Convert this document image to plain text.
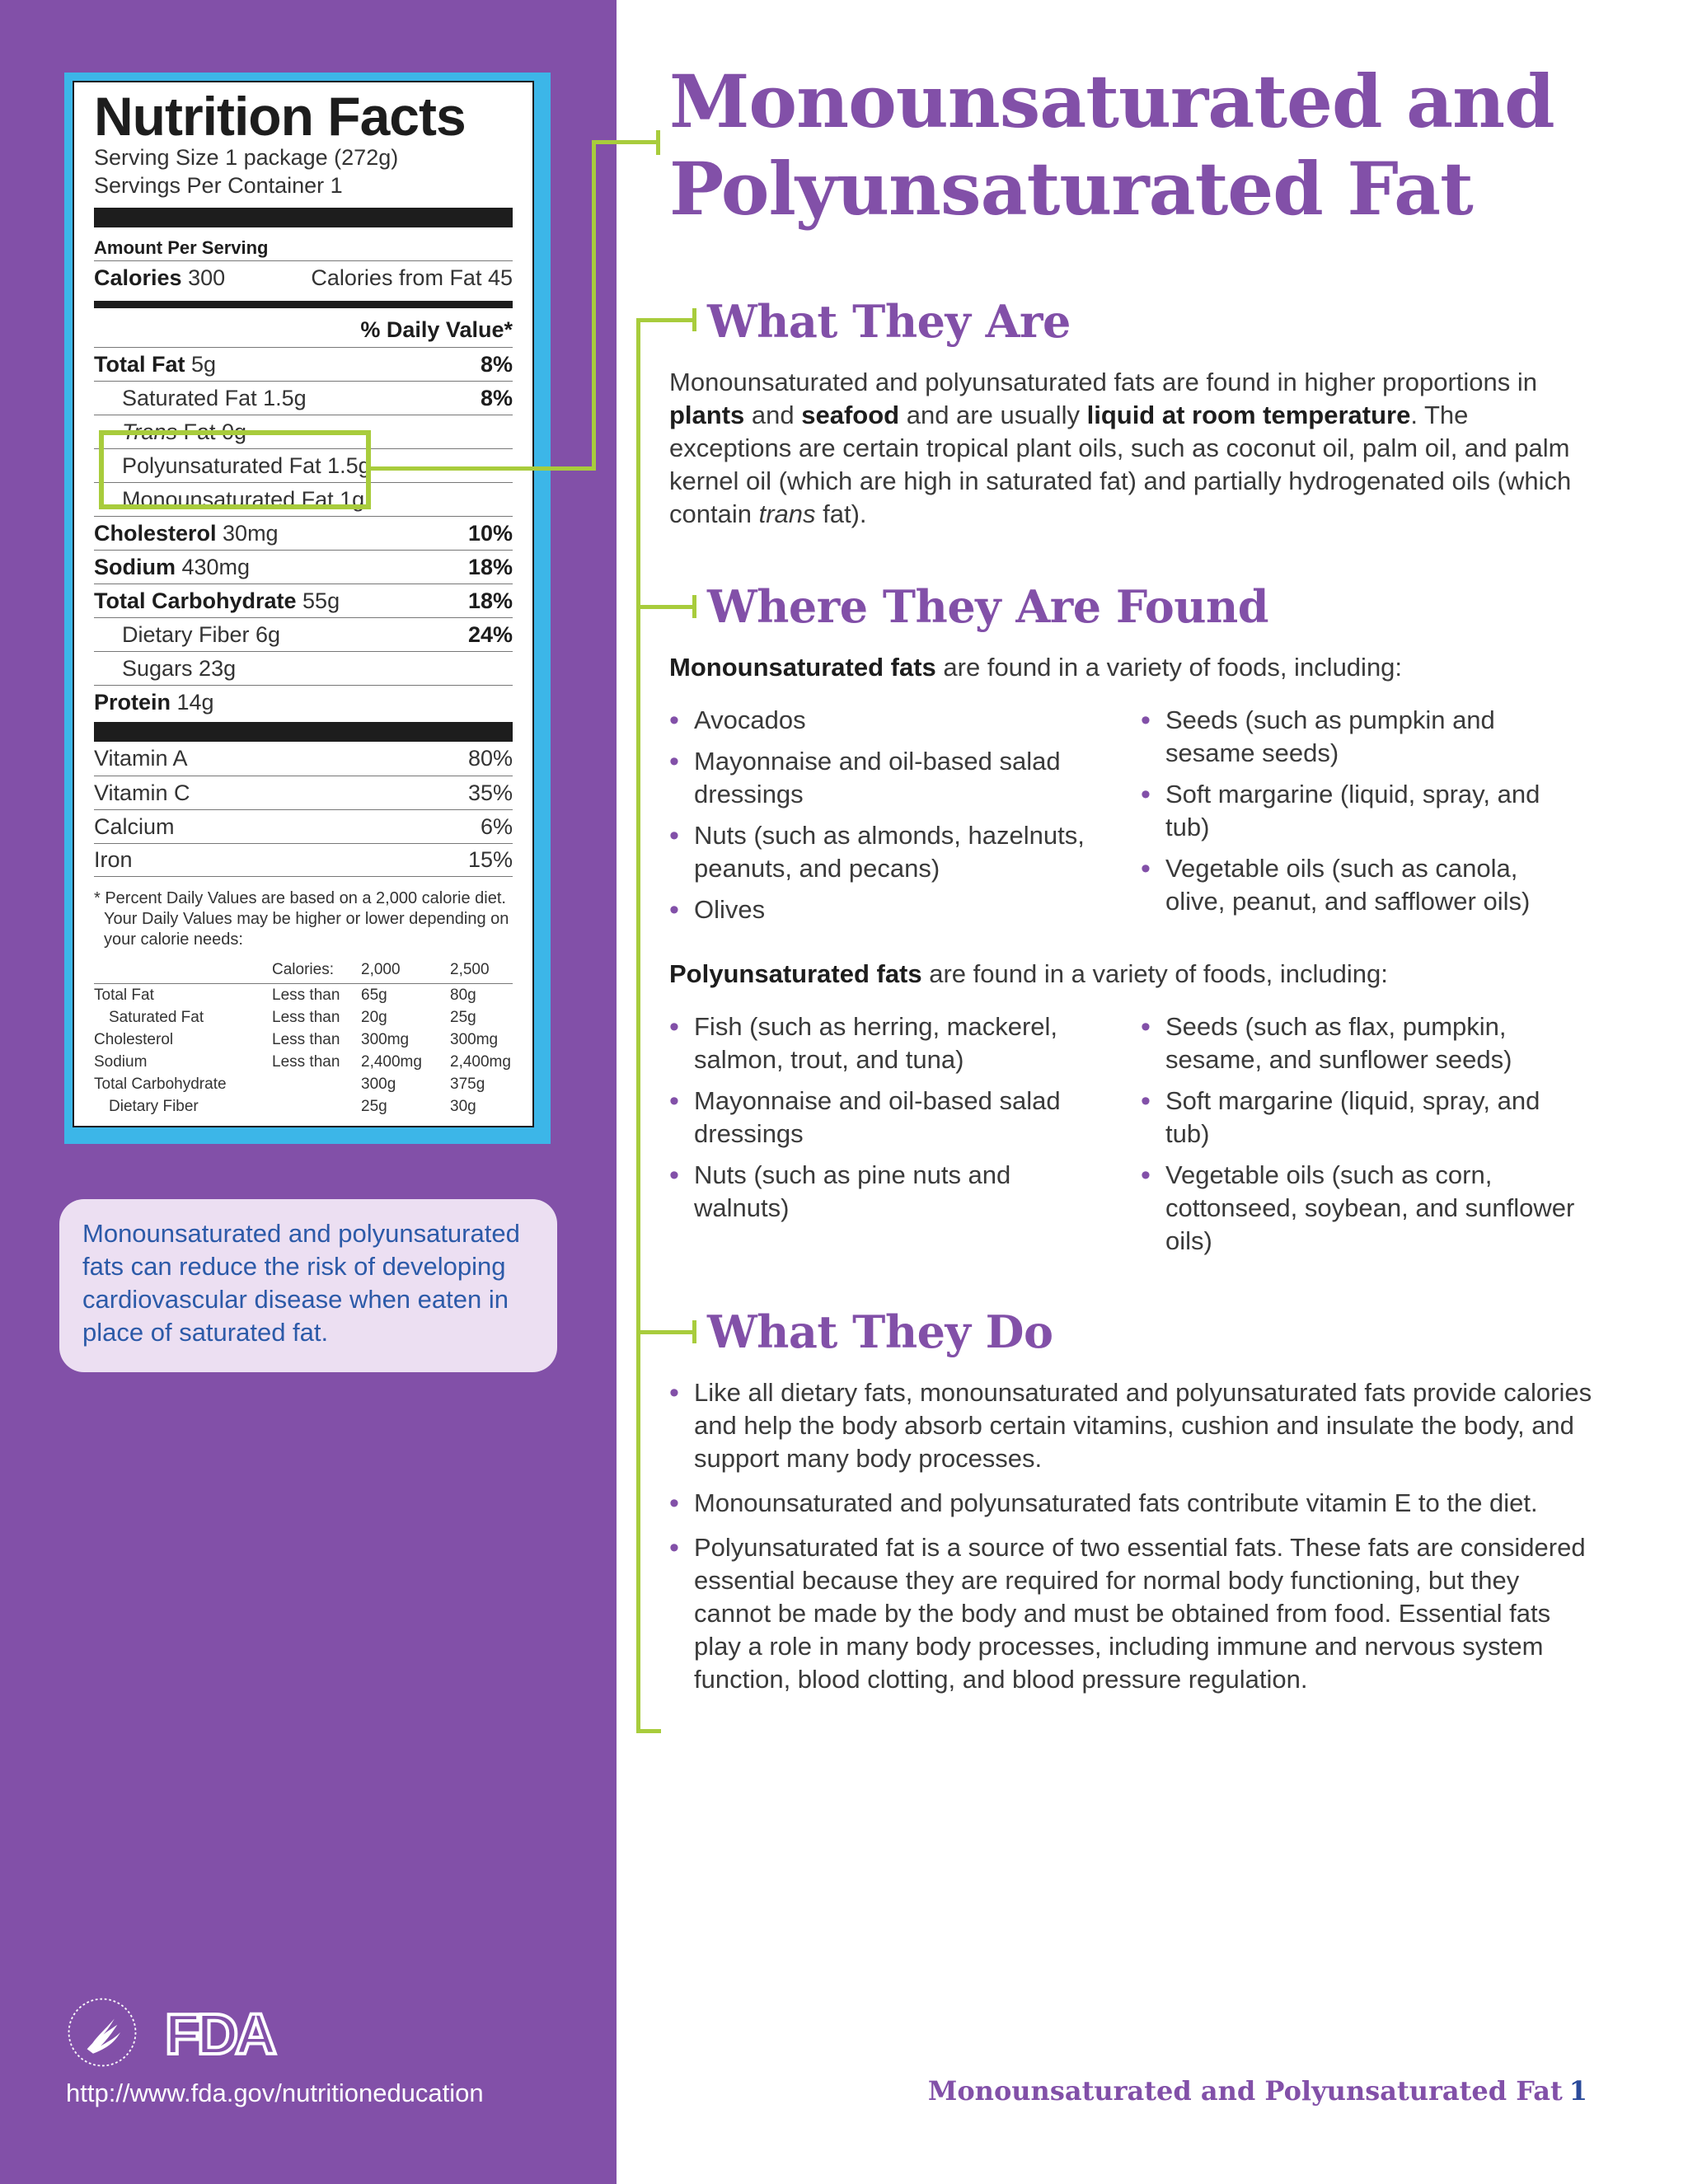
Nutrition Facts
Serving Size 1 package (272g)
Servings Per Container 1
Amount Per Serving
Calories 300	Calories from Fat 45
% Daily Value*
Total Fat 5g	8%
Saturated Fat 1.5g	8%
Trans Fat 0g
Polyunsaturated Fat 1.5g
Monounsaturated Fat 1g
Cholesterol 30mg	10%
Sodium 430mg	18%
Total Carbohydrate 55g	18%
Dietary Fiber 6g	24%
Sugars 23g
Protein 14g
Vitamin A	80%
Vitamin C	35%
Calcium	6%
Iron	15%
* Percent Daily Values are based on a 2,000 calorie diet.
Your Daily Values may be higher or lower depending on
your calorie needs:
	Calories:	2,000	2,500
Total Fat	Less than	65g	80g
Saturated Fat	Less than	20g	25g
Cholesterol	Less than	300mg	300mg
Sodium	Less than	2,400mg	2,400mg
Total Carbohydrate		300g	375g
Dietary Fiber		25g	30g
Monounsaturated and polyunsaturated fats can reduce the risk of developing cardiovascular disease when eaten in place of saturated fat.
FDA
http://www.fda.gov/nutritioneducation
Monounsaturated and
Polyunsaturated Fat
What They Are
Monounsaturated and polyunsaturated fats are found in higher proportions in plants and seafood and are usually liquid at room temperature. The exceptions are certain tropical plant oils, such as coconut oil, palm oil, and palm kernel oil (which are high in saturated fat) and partially hydrogenated oils (which contain trans fat).
Where They Are Found
Monounsaturated fats are found in a variety of foods, including:
• Avocados
• Mayonnaise and oil-based salad dressings
• Nuts (such as almonds, hazelnuts, peanuts, and pecans)
• Olives
• Seeds (such as pumpkin and sesame seeds)
• Soft margarine (liquid, spray, and tub)
• Vegetable oils (such as canola, olive, peanut, and safflower oils)
Polyunsaturated fats are found in a variety of foods, including:
• Fish (such as herring, mackerel, salmon, trout, and tuna)
• Mayonnaise and oil-based salad dressings
• Nuts (such as pine nuts and walnuts)
• Seeds (such as flax, pumpkin, sesame, and sunflower seeds)
• Soft margarine (liquid, spray, and tub)
• Vegetable oils (such as corn, cottonseed, soybean, and sunflower oils)
What They Do
• Like all dietary fats, monounsaturated and polyunsaturated fats provide calories and help the body absorb certain vitamins, cushion and insulate the body, and support many body processes.
• Monounsaturated and polyunsaturated fats contribute vitamin E to the diet.
• Polyunsaturated fat is a source of two essential fats. These fats are considered essential because they are required for normal body functioning, but they cannot be made by the body and must be obtained from food. Essential fats play a role in many body processes, including immune and nervous system function, blood clotting, and blood pressure regulation.
Monounsaturated and Polyunsaturated Fat 1
